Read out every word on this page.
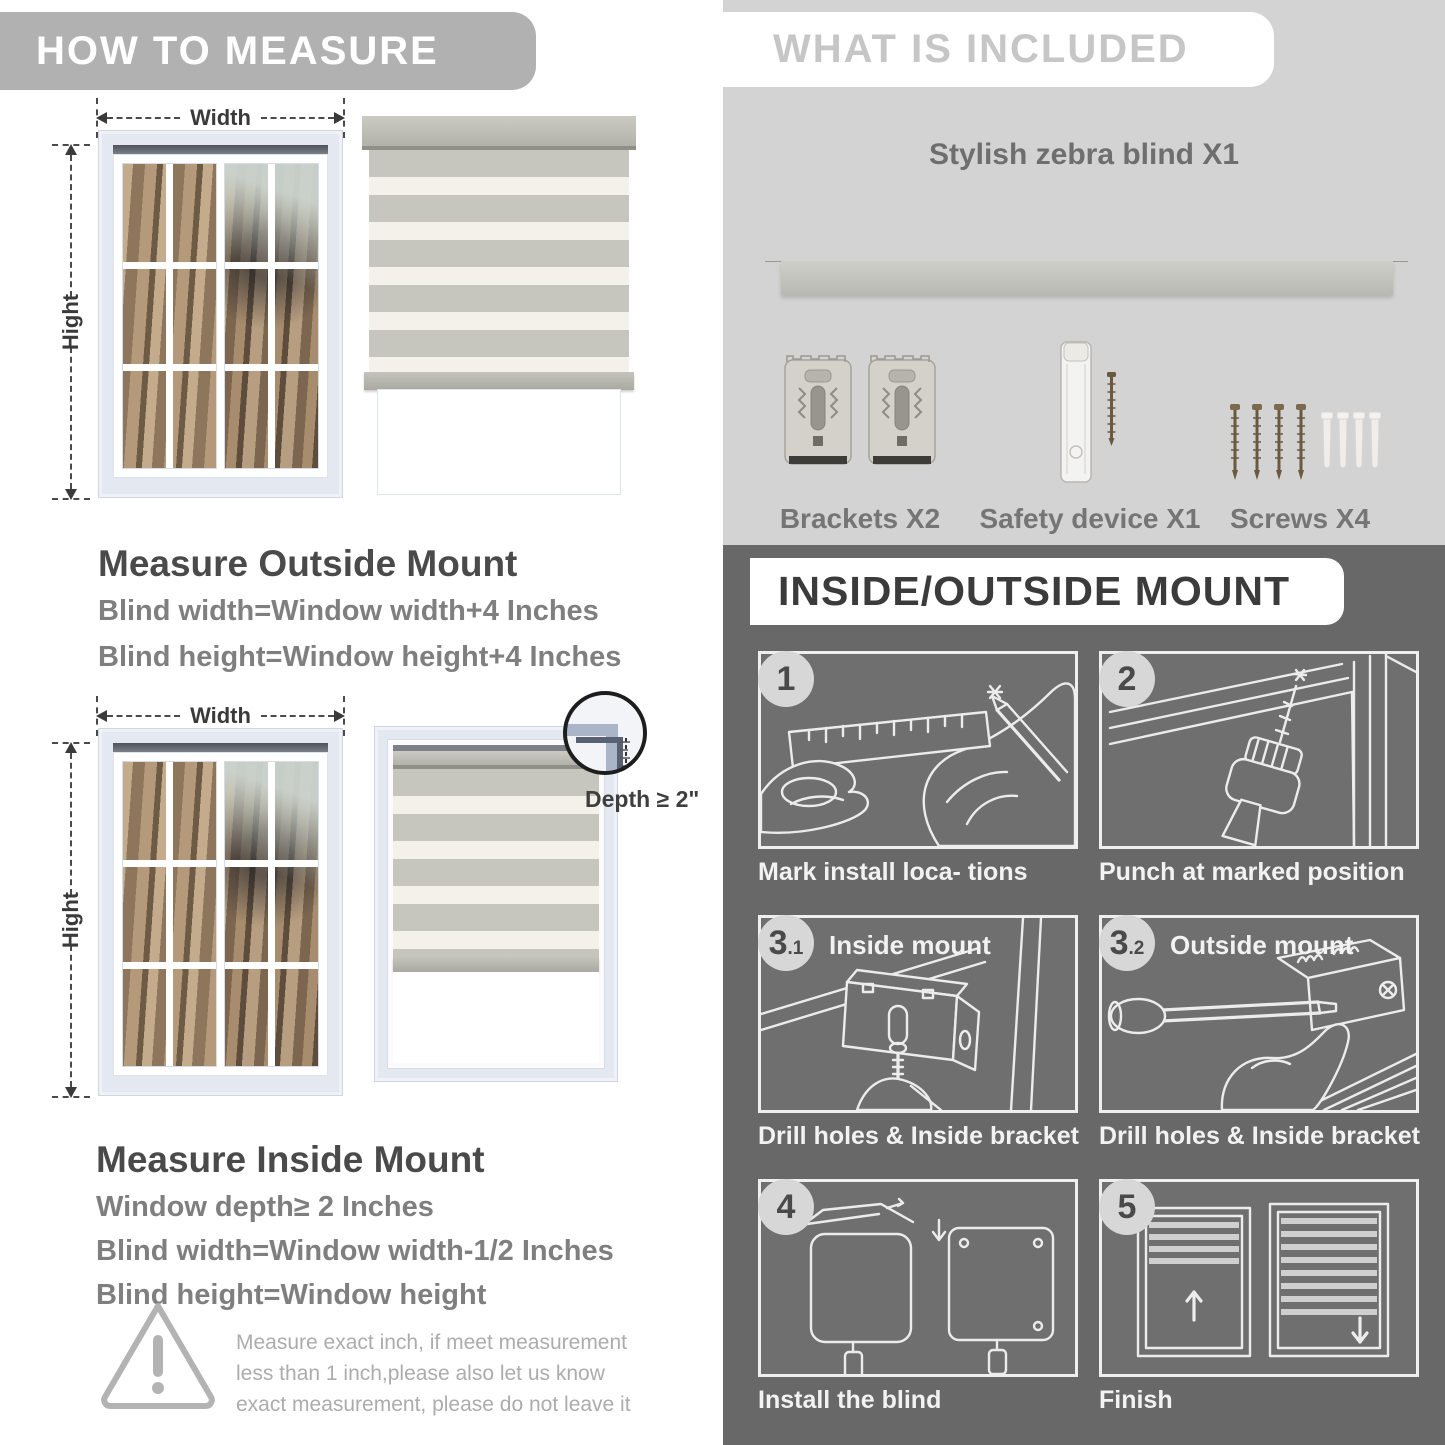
HOW TO MEASURE
Width
Hight
Measure Outside Mount

Blind width=Window width+4 Inches

Blind height=Window height+4 Inches

Width
Hight
Depth ≥ 2"
Measure Inside Mount

Window depth≥ 2 Inches

Blind width=Window width-1/2 Inches

Blind height=Window height

Measure exact inch, if meet measurement less than 1 inch,please also let us know exact measurement, please do not leave it

WHAT IS INCLUDED
Stylish zebra blind X1
Brackets X2 Safety device X1 Screws X4
INSIDE/OUTSIDE MOUNT
1
Mark install loca- tions
2
Punch at marked position
3 .1 Inside mount
Drill holes & Inside bracket
3 .2 Outside mount
Drill holes & Inside bracket
4
Install the blind
5
Finish
